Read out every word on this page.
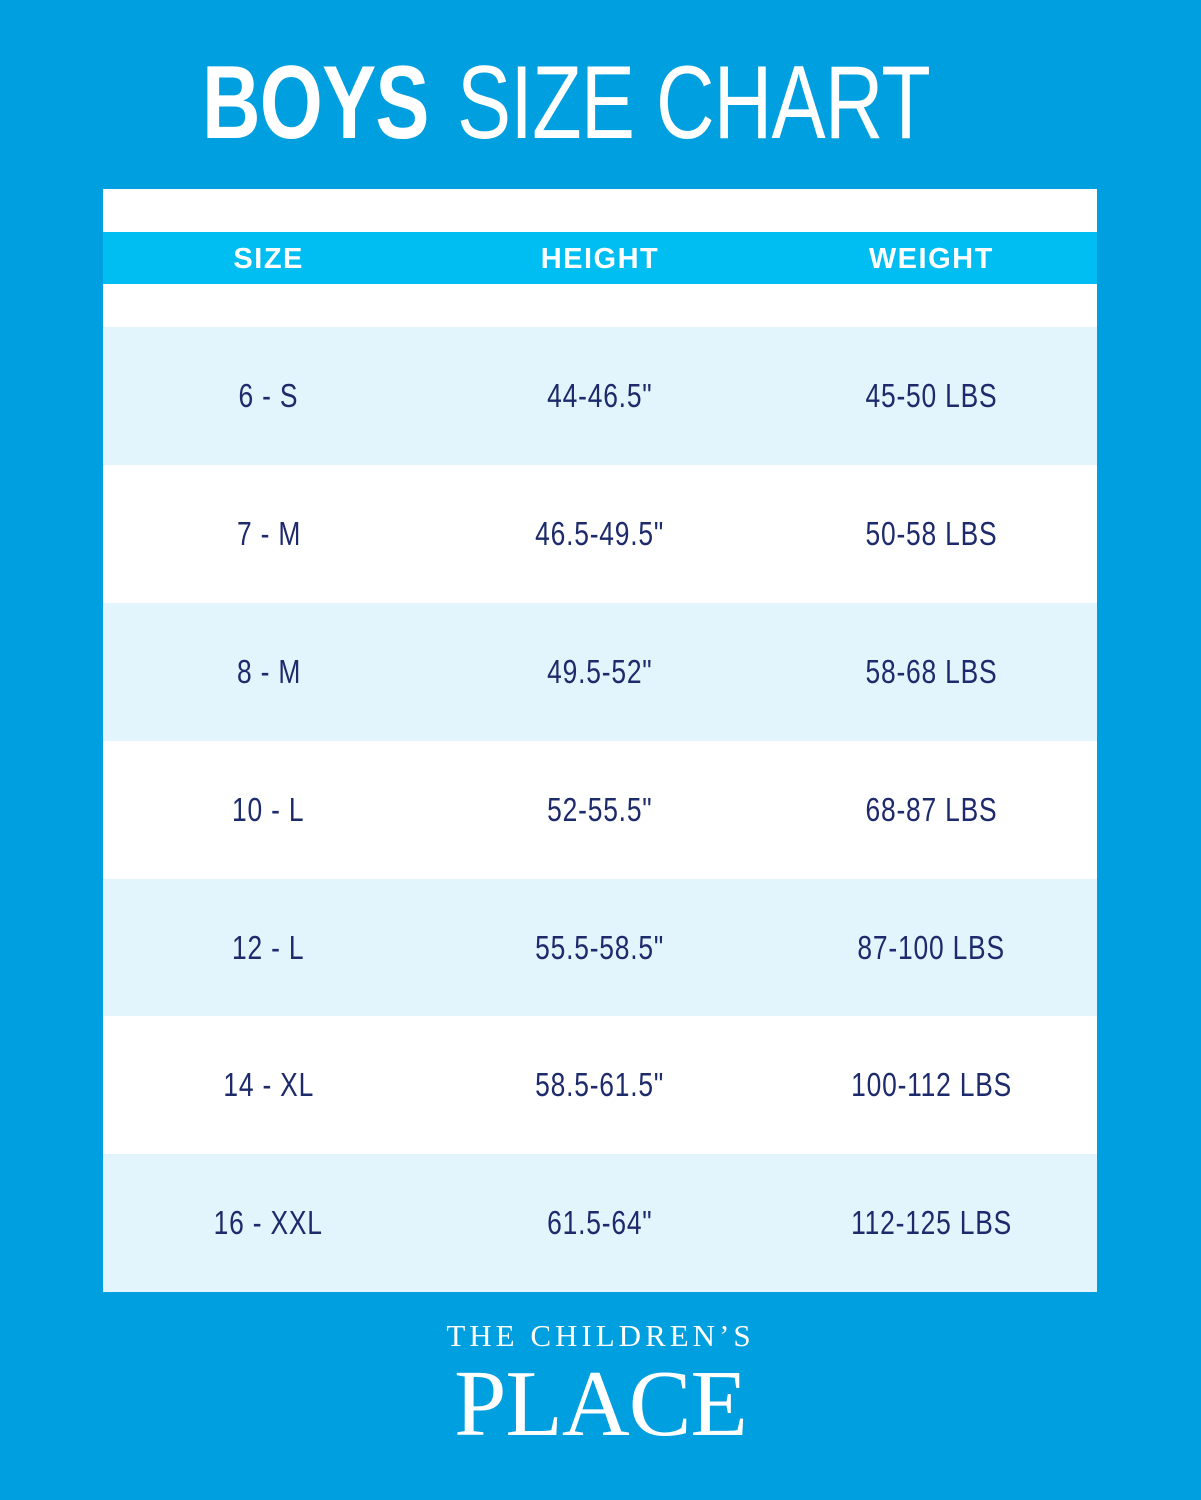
BOYS SIZE CHART
SIZE	HEIGHT	WEIGHT
6 - S	44-46.5"	45-50 LBS
7 - M	46.5-49.5"	50-58 LBS
8 - M	49.5-52"	58-68 LBS
10 - L	52-55.5"	68-87 LBS
12 - L	55.5-58.5"	87-100 LBS
14 - XL	58.5-61.5"	100-112 LBS
16 - XXL	61.5-64"	112-125 LBS
THE CHILDREN’S
PLACE
